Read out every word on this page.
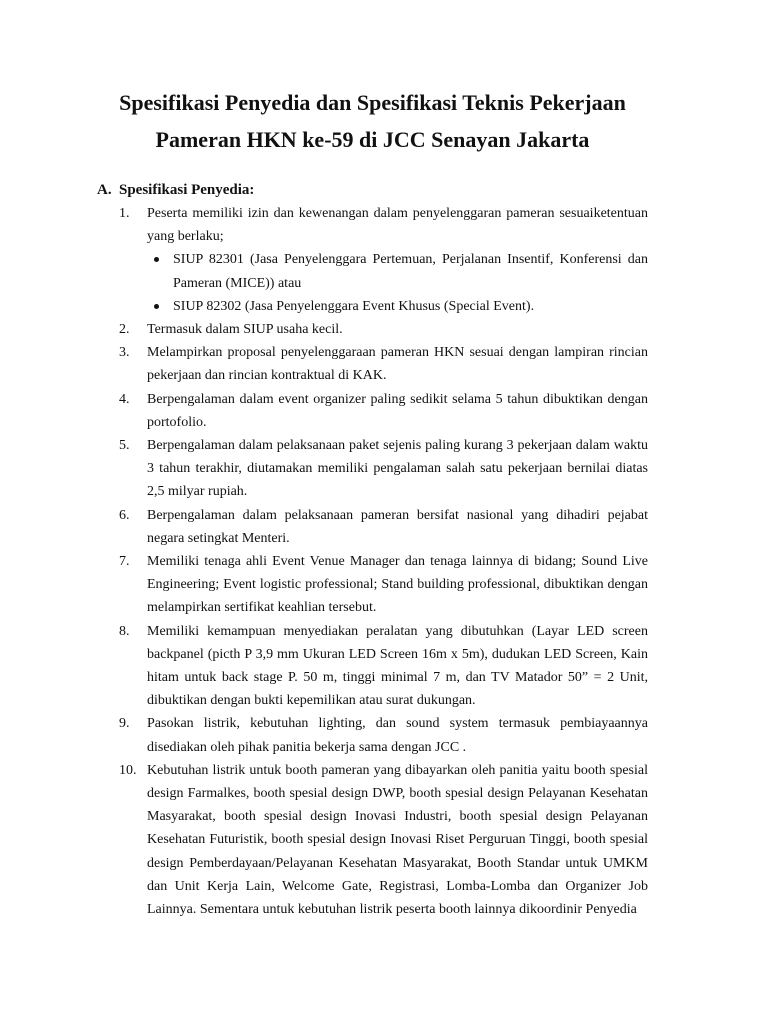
Spesifikasi Penyedia dan Spesifikasi Teknis Pekerjaan
Pameran HKN ke-59 di JCC Senayan Jakarta
A. Spesifikasi Penyedia:
1.	Peserta memiliki izin dan kewenangan dalam penyelenggaran pameran sesuaiketentuan yang berlaku;
SIUP 82301 (Jasa Penyelenggara Pertemuan, Perjalanan Insentif, Konferensi dan Pameran (MICE)) atau
SIUP 82302 (Jasa Penyelenggara Event Khusus (Special Event).
2.	Termasuk dalam SIUP usaha kecil.
3.	Melampirkan proposal penyelenggaraan pameran HKN sesuai dengan lampiran rincian pekerjaan dan rincian kontraktual di KAK.
4.	Berpengalaman dalam event organizer paling sedikit selama 5 tahun dibuktikan dengan portofolio.
5.	Berpengalaman dalam pelaksanaan paket sejenis paling kurang 3 pekerjaan dalam waktu 3 tahun terakhir, diutamakan memiliki pengalaman salah satu pekerjaan bernilai diatas 2,5 milyar rupiah.
6.	Berpengalaman dalam pelaksanaan pameran bersifat nasional yang dihadiri pejabat negara setingkat Menteri.
7.	Memiliki tenaga ahli Event Venue Manager dan tenaga lainnya di bidang; Sound Live Engineering; Event logistic professional; Stand building professional, dibuktikan dengan melampirkan sertifikat keahlian tersebut.
8.	Memiliki kemampuan menyediakan peralatan yang dibutuhkan (Layar LED screen backpanel (picth P 3,9 mm Ukuran LED Screen 16m x 5m), dudukan LED Screen, Kain hitam untuk back stage P. 50 m, tinggi minimal 7 m, dan TV Matador 50” = 2 Unit, dibuktikan dengan bukti kepemilikan atau surat dukungan.
9.	Pasokan listrik, kebutuhan lighting, dan sound system termasuk pembiayaannya disediakan oleh pihak panitia bekerja sama dengan JCC .
10. Kebutuhan listrik untuk booth pameran yang dibayarkan oleh panitia yaitu booth spesial design Farmalkes, booth spesial design DWP, booth spesial design Pelayanan Kesehatan Masyarakat, booth spesial design Inovasi Industri, booth spesial design Pelayanan Kesehatan Futuristik, booth spesial design Inovasi Riset Perguruan Tinggi, booth spesial design Pemberdayaan/Pelayanan Kesehatan Masyarakat, Booth Standar untuk UMKM dan Unit Kerja Lain, Welcome Gate, Registrasi, Lomba-Lomba dan Organizer Job Lainnya. Sementara untuk kebutuhan listrik peserta booth lainnya dikoordinir Penyedia
